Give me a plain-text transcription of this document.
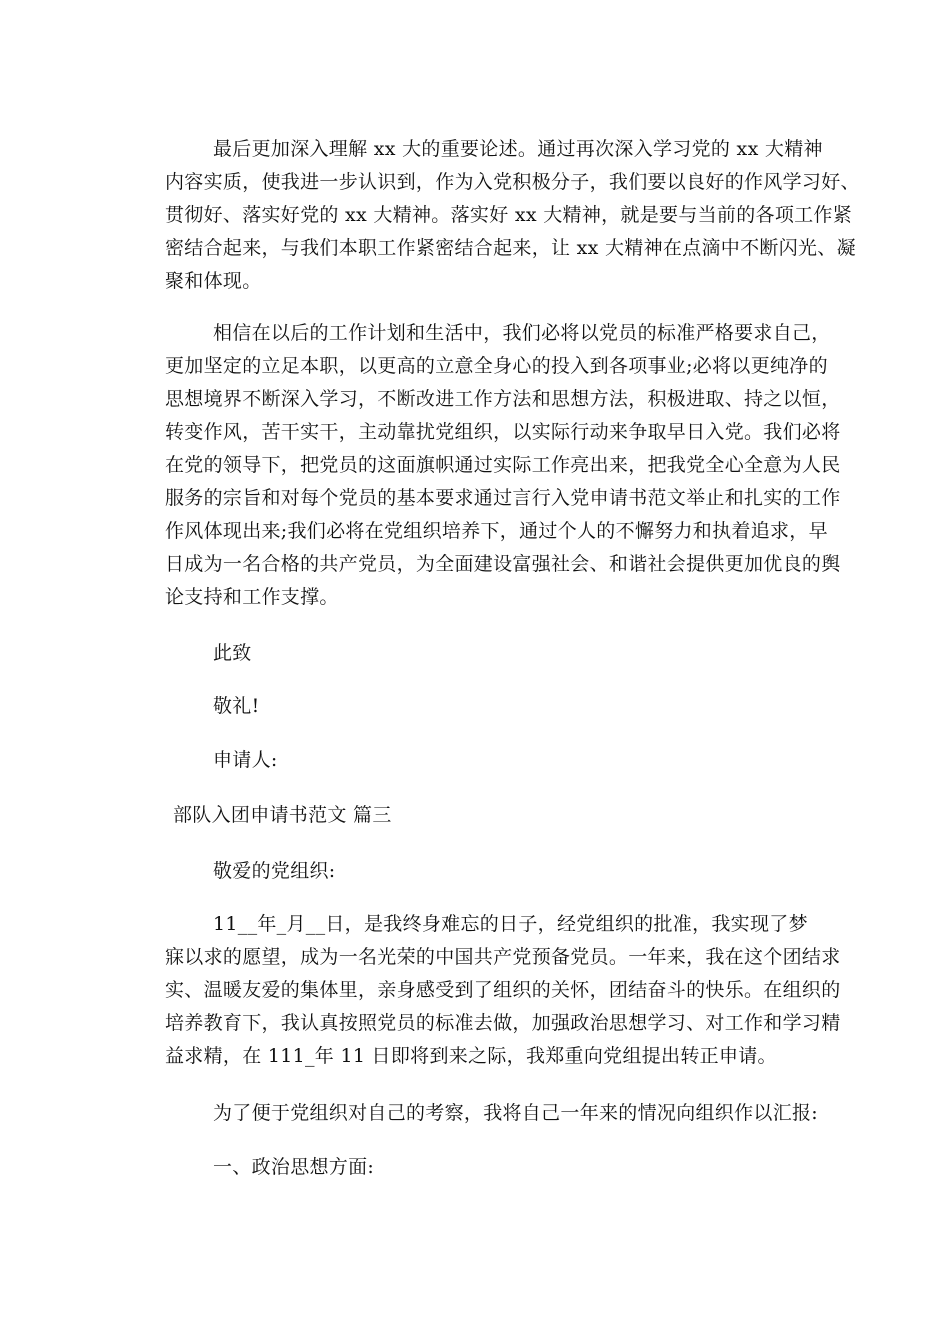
最后更加深入理解 xx 大的重要论述。通过再次深入学习党的 xx 大精神
内容实质，使我进一步认识到，作为入党积极分子，我们要以良好的作风学习好、
贯彻好、落实好党的 xx 大精神。落实好 xx 大精神，就是要与当前的各项工作紧
密结合起来，与我们本职工作紧密结合起来，让 xx 大精神在点滴中不断闪光、凝
聚和体现。
相信在以后的工作计划和生活中，我们必将以党员的标准严格要求自己，
更加坚定的立足本职，以更高的立意全身心的投入到各项事业;必将以更纯净的
思想境界不断深入学习，不断改进工作方法和思想方法，积极进取、持之以恒，
转变作风，苦干实干，主动靠扰党组织，以实际行动来争取早日入党。我们必将
在党的领导下，把党员的这面旗帜通过实际工作亮出来，把我党全心全意为人民
服务的宗旨和对每个党员的基本要求通过言行入党申请书范文举止和扎实的工作
作风体现出来;我们必将在党组织培养下，通过个人的不懈努力和执着追求，早
日成为一名合格的共产党员，为全面建设富强社会、和谐社会提供更加优良的舆
论支持和工作支撑。
此致
敬礼!
申请人:
部队入团申请书范文 篇三
敬爱的党组织:
11__年_月__日，是我终身难忘的日子，经党组织的批准，我实现了梦
寐以求的愿望，成为一名光荣的中国共产党预备党员。一年来，我在这个团结求
实、温暖友爱的集体里，亲身感受到了组织的关怀，团结奋斗的快乐。在组织的
培养教育下，我认真按照党员的标准去做，加强政治思想学习、对工作和学习精
益求精，在 111_年 11 日即将到来之际，我郑重向党组提出转正申请。
为了便于党组织对自己的考察，我将自己一年来的情况向组织作以汇报:
一、政治思想方面:
